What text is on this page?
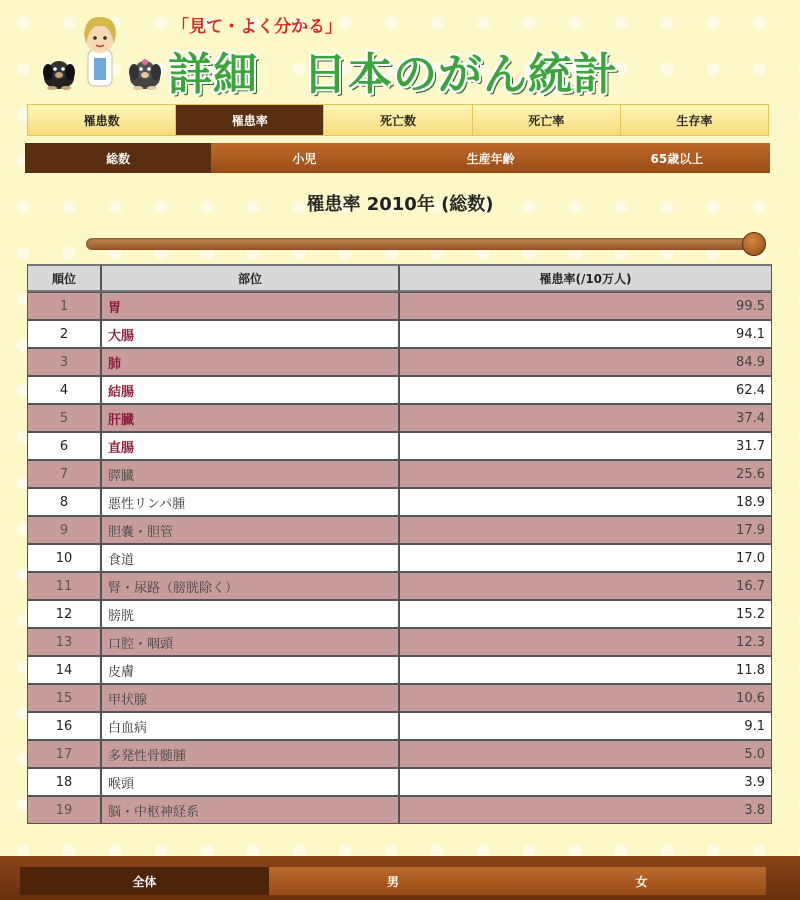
「見て・よく分かる」
詳細　日本のがん統計
罹患数	罹患率	死亡数	死亡率	生存率
総数	小児	生産年齢	65歳以上
罹患率 2010年 (総数)
順位	部位	罹患率(/10万人)
1	胃	99.5
2	大腸	94.1
3	肺	84.9
4	結腸	62.4
5	肝臓	37.4
6	直腸	31.7
7	膵臓	25.6
8	悪性リンパ腫	18.9
9	胆嚢・胆管	17.9
10	食道	17.0
11	腎・尿路（膀胱除く）	16.7
12	膀胱	15.2
13	口腔・咽頭	12.3
14	皮膚	11.8
15	甲状腺	10.6
16	白血病	9.1
17	多発性骨髄腫	5.0
18	喉頭	3.9
19	脳・中枢神経系	3.8
全体	男	女
